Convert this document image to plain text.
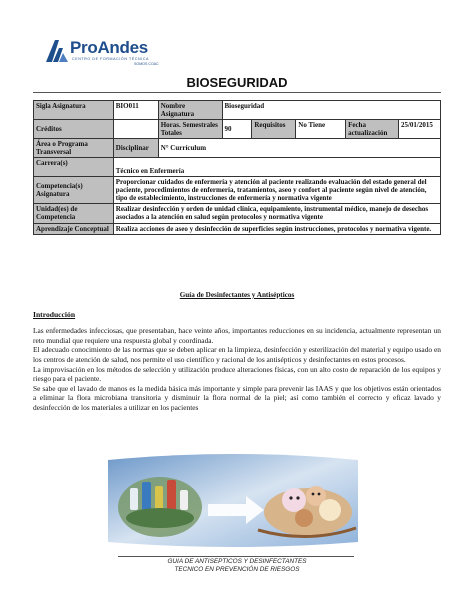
ProAndes
CENTRO DE FORMACIÓN TÉCNICA
SOMOS COAC
BIOSEGURIDAD
Sigla Asignatura	BIO011	Nombre Asignatura	Bioseguridad				
Créditos		Horas. Semestrales Totales	90	Requisitos	No Tiene	Fecha actualización	25/01/2015
Área o Programa Transversal	Disciplinar	N° Currículum					
Carrera(s)	Técnico en Enfermería						
Competencia(s) Asignatura	Proporcionar cuidados de enfermería y atención al paciente realizando evaluación del estado general del paciente, procedimientos de enfermería, tratamientos, aseo y confort al paciente según nivel de atención, tipo de establecimiento, instrucciones de enfermería y normativa vigente						
Unidad(es) de Competencia	Realizar desinfección y orden de unidad clínica, equipamiento, instrumental médico, manejo de desechos asociados a la atención en salud según protocolos y normativa vigente						
Aprendizaje Conceptual	Realiza acciones de aseo y desinfección de superficies según instrucciones, protocolos y normativa vigente.						
Guía de Desinfectantes y Antisépticos
Introducción

Las enfermedades infecciosas, que presentaban, hace veinte años, importantes reducciones en su incidencia, actualmente representan un reto mundial que requiere una respuesta global y coordinada.

El adecuado conocimiento de las normas que se deben aplicar en la limpieza, desinfección y esterilización del material y equipo usado en los centros de atención de salud, nos permite el uso científico y racional de los antisépticos y desinfectantes en estos procesos.

La improvisación en los métodos de selección y utilización produce alteraciones físicas, con un alto costo de reparación de los equipos y riesgo para el paciente.

Se sabe que el lavado de manos es la medida básica más importante y simple para prevenir las IAAS y que los objetivos están orientados a eliminar la flora microbiana transitoria y disminuir la flora normal de la piel; así como también el correcto y eficaz lavado y desinfección de los materiales a utilizar en los pacientes

GUIA DE ANTISEPTICOS Y DESINFECTANTES
TECNICO EN PREVENCIÓN DE RIESGOS
